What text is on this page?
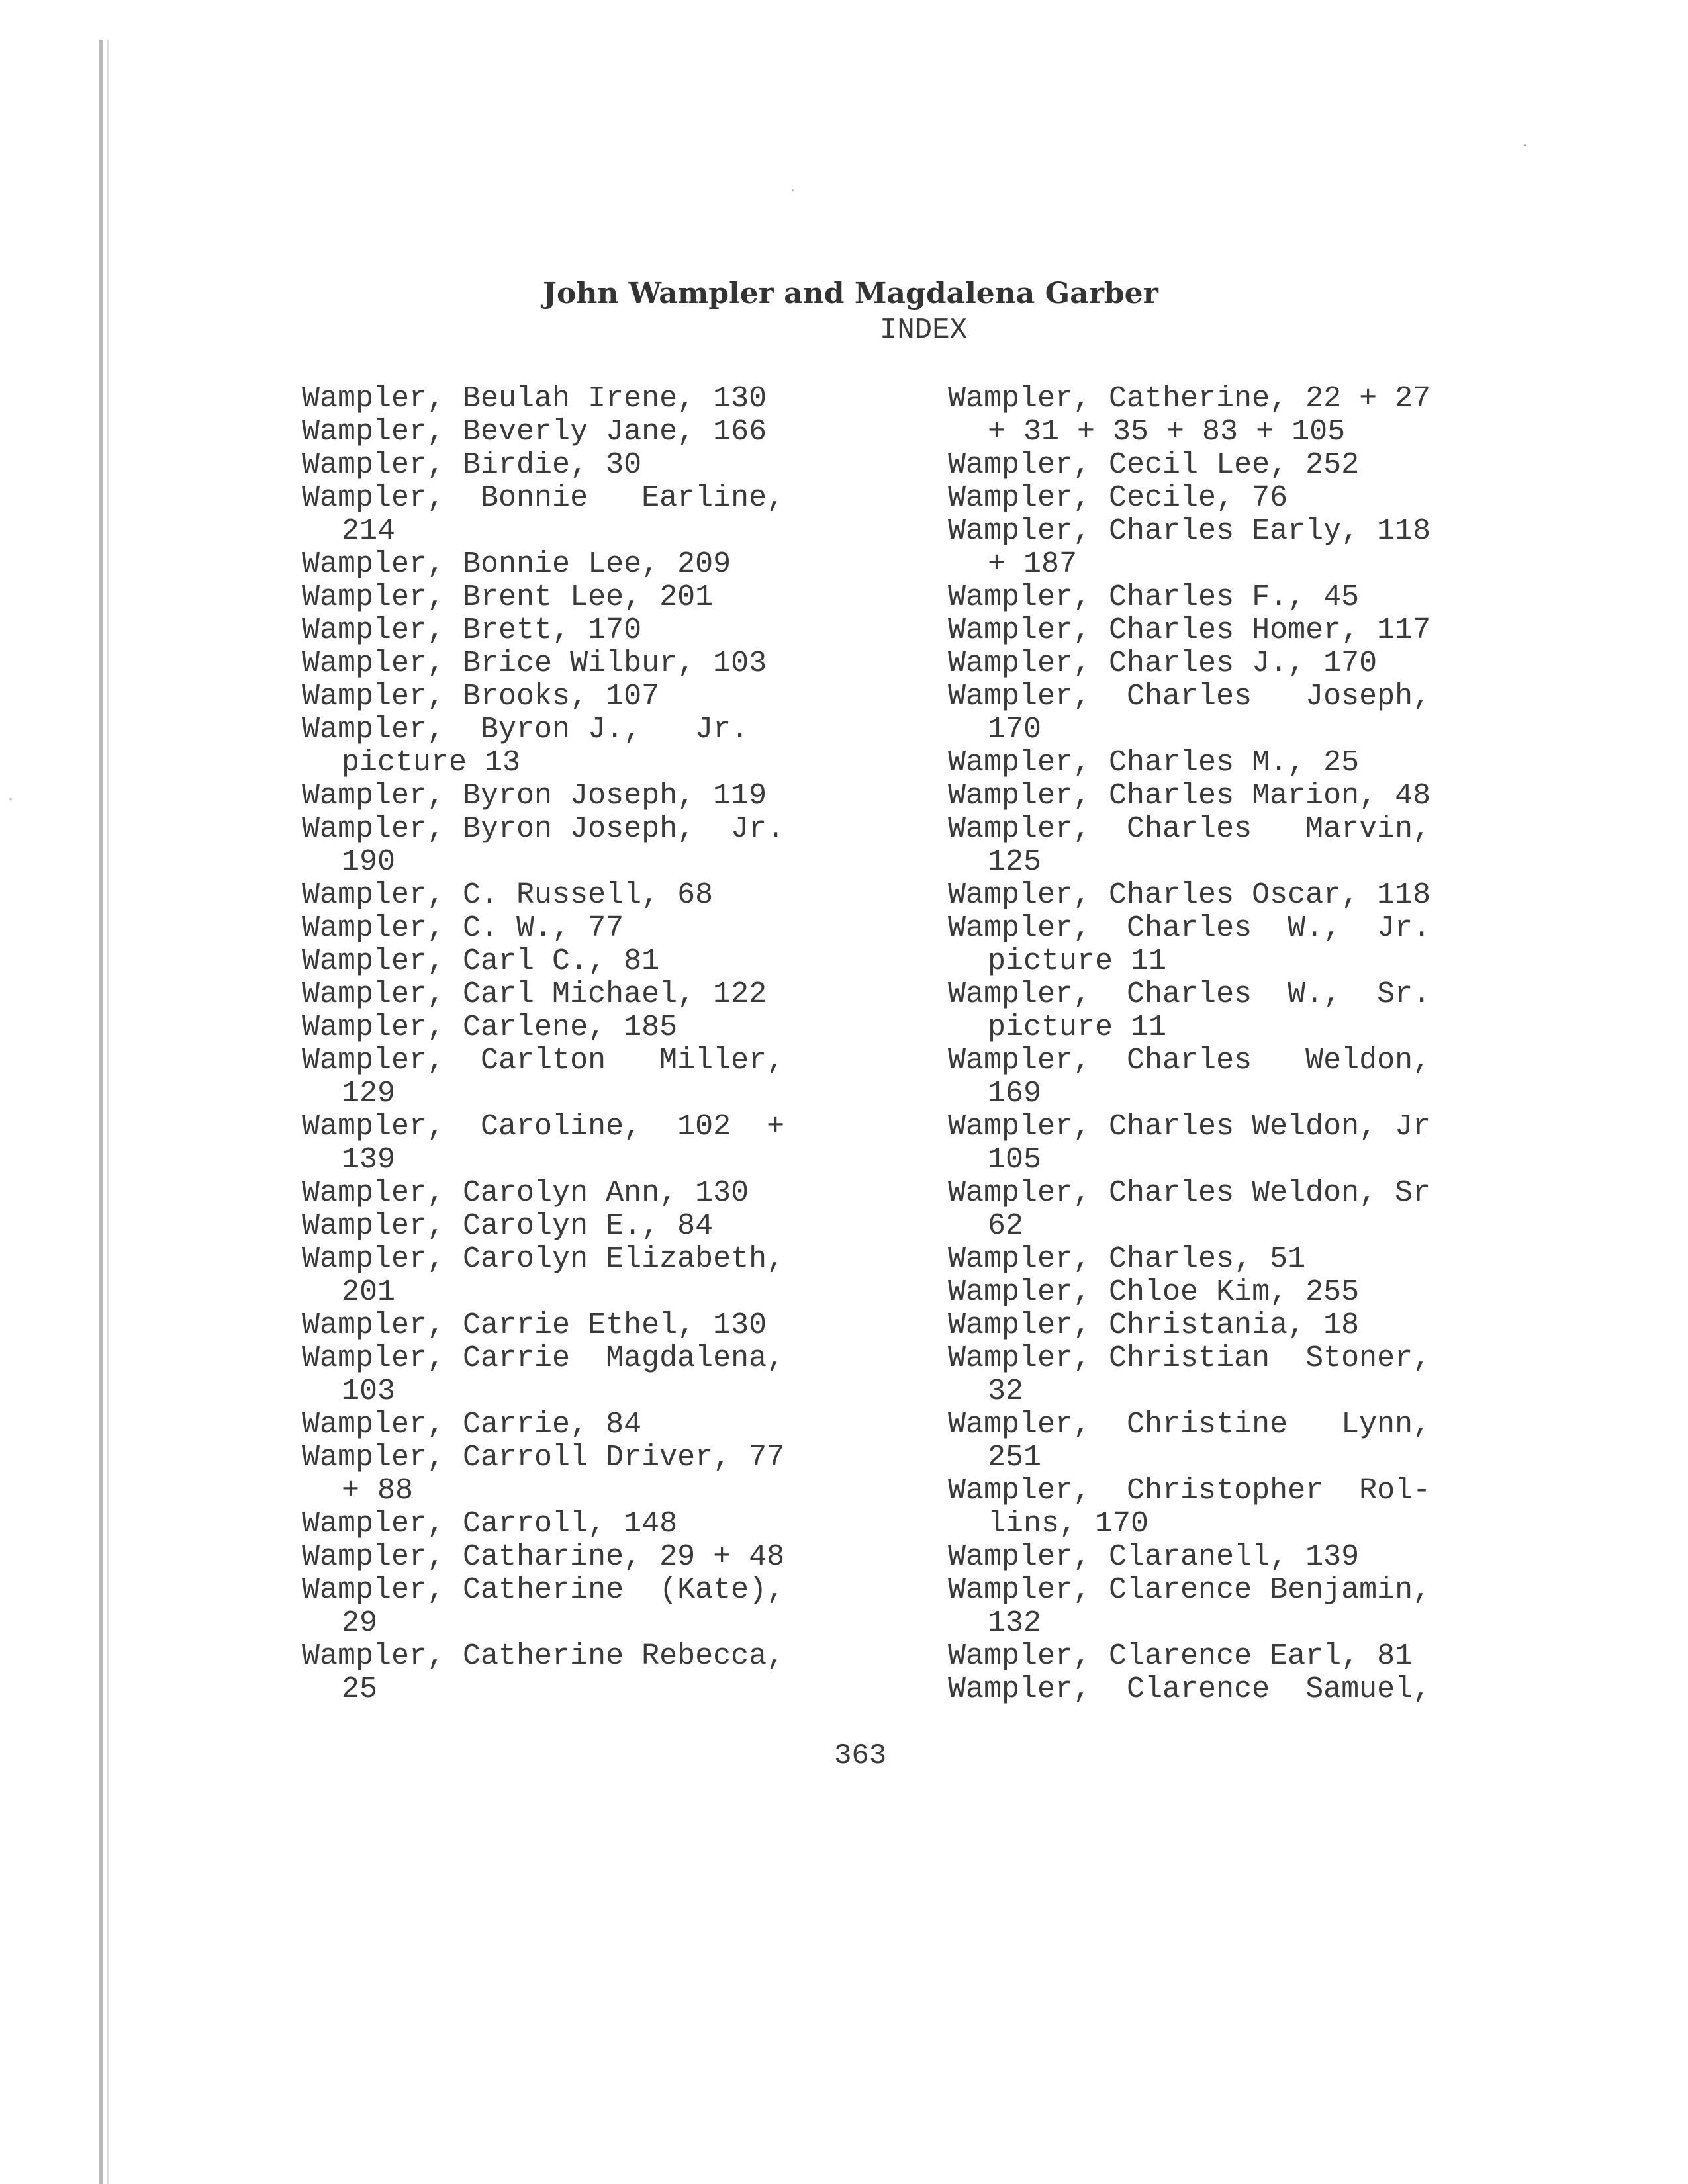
John Wampler and Magdalena Garber
INDEX
Wampler, Beulah Irene, 130
Wampler, Beverly Jane, 166
Wampler, Birdie, 30
Wampler,  Bonnie   Earline,
214
Wampler, Bonnie Lee, 209
Wampler, Brent Lee, 201
Wampler, Brett, 170
Wampler, Brice Wilbur, 103
Wampler, Brooks, 107
Wampler,  Byron J.,   Jr.
picture 13
Wampler, Byron Joseph, 119
Wampler, Byron Joseph,  Jr.
190
Wampler, C. Russell, 68
Wampler, C. W., 77
Wampler, Carl C., 81
Wampler, Carl Michael, 122
Wampler, Carlene, 185
Wampler,  Carlton   Miller,
129
Wampler,  Caroline,  102  +
139
Wampler, Carolyn Ann, 130
Wampler, Carolyn E., 84
Wampler, Carolyn Elizabeth,
201
Wampler, Carrie Ethel, 130
Wampler, Carrie  Magdalena,
103
Wampler, Carrie, 84
Wampler, Carroll Driver, 77
+ 88
Wampler, Carroll, 148
Wampler, Catharine, 29 + 48
Wampler, Catherine  (Kate),
29
Wampler, Catherine Rebecca,
25
Wampler, Catherine, 22 + 27
+ 31 + 35 + 83 + 105
Wampler, Cecil Lee, 252
Wampler, Cecile, 76
Wampler, Charles Early, 118
+ 187
Wampler, Charles F., 45
Wampler, Charles Homer, 117
Wampler, Charles J., 170
Wampler,  Charles   Joseph,
170
Wampler, Charles M., 25
Wampler, Charles Marion, 48
Wampler,  Charles   Marvin,
125
Wampler, Charles Oscar, 118
Wampler,  Charles  W.,  Jr.
picture 11
Wampler,  Charles  W.,  Sr.
picture 11
Wampler,  Charles   Weldon,
169
Wampler, Charles Weldon, Jr
105
Wampler, Charles Weldon, Sr
62
Wampler, Charles, 51
Wampler, Chloe Kim, 255
Wampler, Christania, 18
Wampler, Christian  Stoner,
32
Wampler,  Christine   Lynn,
251
Wampler,  Christopher  Rol-
lins, 170
Wampler, Claranell, 139
Wampler, Clarence Benjamin,
132
Wampler, Clarence Earl, 81
Wampler,  Clarence  Samuel,
363
